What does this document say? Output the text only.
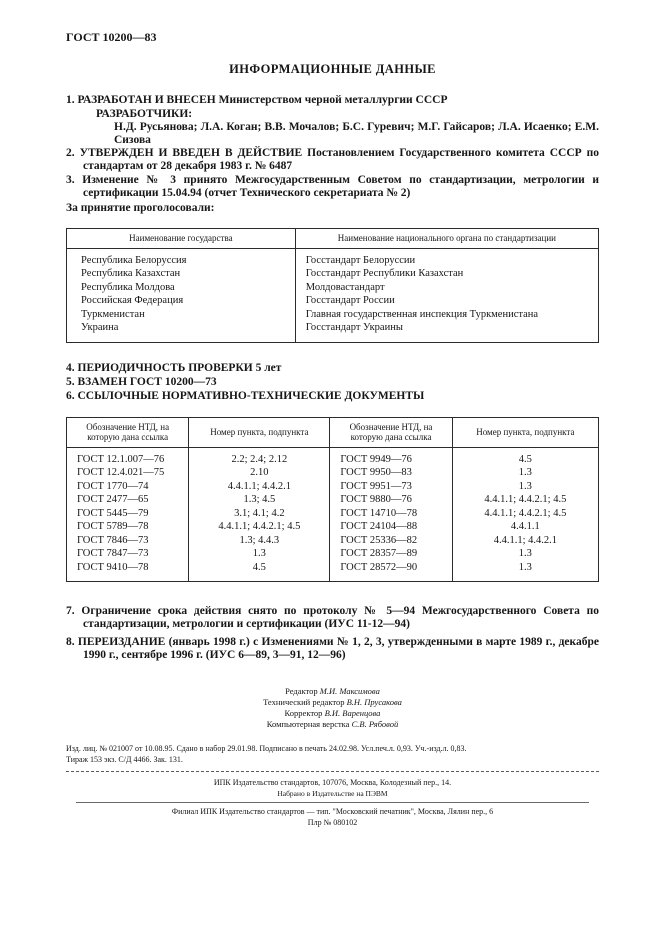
ГОСТ 10200—83
ИНФОРМАЦИОННЫЕ ДАННЫЕ
1. РАЗРАБОТАН И ВНЕСЕН Министерством черной металлургии СССР
РАЗРАБОТЧИКИ:
Н.Д. Русьянова; Л.А. Коган; В.В. Мочалов; Б.С. Гуревич; М.Г. Гайсаров; Л.А. Исаенко; Е.М. Сизова
2. УТВЕРЖДЕН И ВВЕДЕН В ДЕЙСТВИЕ Постановлением Государственного комитета СССР по стандартам от 28 декабря 1983 г. № 6487
3. Изменение № 3 принято Межгосударственным Советом по стандартизации, метрологии и сертификации 15.04.94 (отчет Технического секретариата № 2)
За принятие проголосовали:
Наименование государства	Наименование национального органа по стандартизации
Республика Белоруссия	Госстандарт Белоруссии
Республика Казахстан	Госстандарт Республики Казахстан
Республика Молдова	Молдовастандарт
Российская Федерация	Госстандарт России
Туркменистан	Главная государственная инспекция Туркменистана
Украина	Госстандарт Украины
4. ПЕРИОДИЧНОСТЬ ПРОВЕРКИ 5 лет
5. ВЗАМЕН ГОСТ 10200—73
6. ССЫЛОЧНЫЕ НОРМАТИВНО-ТЕХНИЧЕСКИЕ ДОКУМЕНТЫ
Обозначение НТД, на которую дана ссылка	Номер пункта, подпункта	Обозначение НТД, на которую дана ссылка	Номер пункта, подпункта
ГОСТ 12.1.007—76	2.2; 2.4; 2.12	ГОСТ 9949—76	4.5
ГОСТ 12.4.021—75	2.10	ГОСТ 9950—83	1.3
ГОСТ 1770—74	4.4.1.1; 4.4.2.1	ГОСТ 9951—73	1.3
ГОСТ 2477—65	1.3; 4.5	ГОСТ 9880—76	4.4.1.1; 4.4.2.1; 4.5
ГОСТ 5445—79	3.1; 4.1; 4.2	ГОСТ 14710—78	4.4.1.1; 4.4.2.1; 4.5
ГОСТ 5789—78	4.4.1.1; 4.4.2.1; 4.5	ГОСТ 24104—88	4.4.1.1
ГОСТ 7846—73	1.3; 4.4.3	ГОСТ 25336—82	4.4.1.1; 4.4.2.1
ГОСТ 7847—73	1.3	ГОСТ 28357—89	1.3
ГОСТ 9410—78	4.5	ГОСТ 28572—90	1.3
7. Ограничение срока действия снято по протоколу № 5—94 Межгосударственного Совета по стандартизации, метрологии и сертификации (ИУС 11-12—94)
8. ПЕРЕИЗДАНИЕ (январь 1998 г.) с Изменениями № 1, 2, 3, утвержденными в марте 1989 г., декабре 1990 г., сентябре 1996 г. (ИУС 6—89, 3—91, 12—96)
Редактор М.И. Максимова
Технический редактор В.Н. Прусакова
Корректор В.И. Варенцова
Компьютерная верстка С.В. Рябовой
Изд. лиц. № 021007 от 10.08.95. Сдано в набор 29.01.98. Подписано в печать 24.02.98. Усл.печ.л. 0,93. Уч.-изд.л. 0,83.
Тираж 153 экз. С/Д 4466. Зак. 131.
ИПК Издательство стандартов, 107076, Москва, Колодезный пер., 14.
Набрано в Издательстве на ПЭВМ
Филиал ИПК Издательство стандартов — тип. "Московский печатник", Москва, Лялин пер., 6
Плр № 080102
